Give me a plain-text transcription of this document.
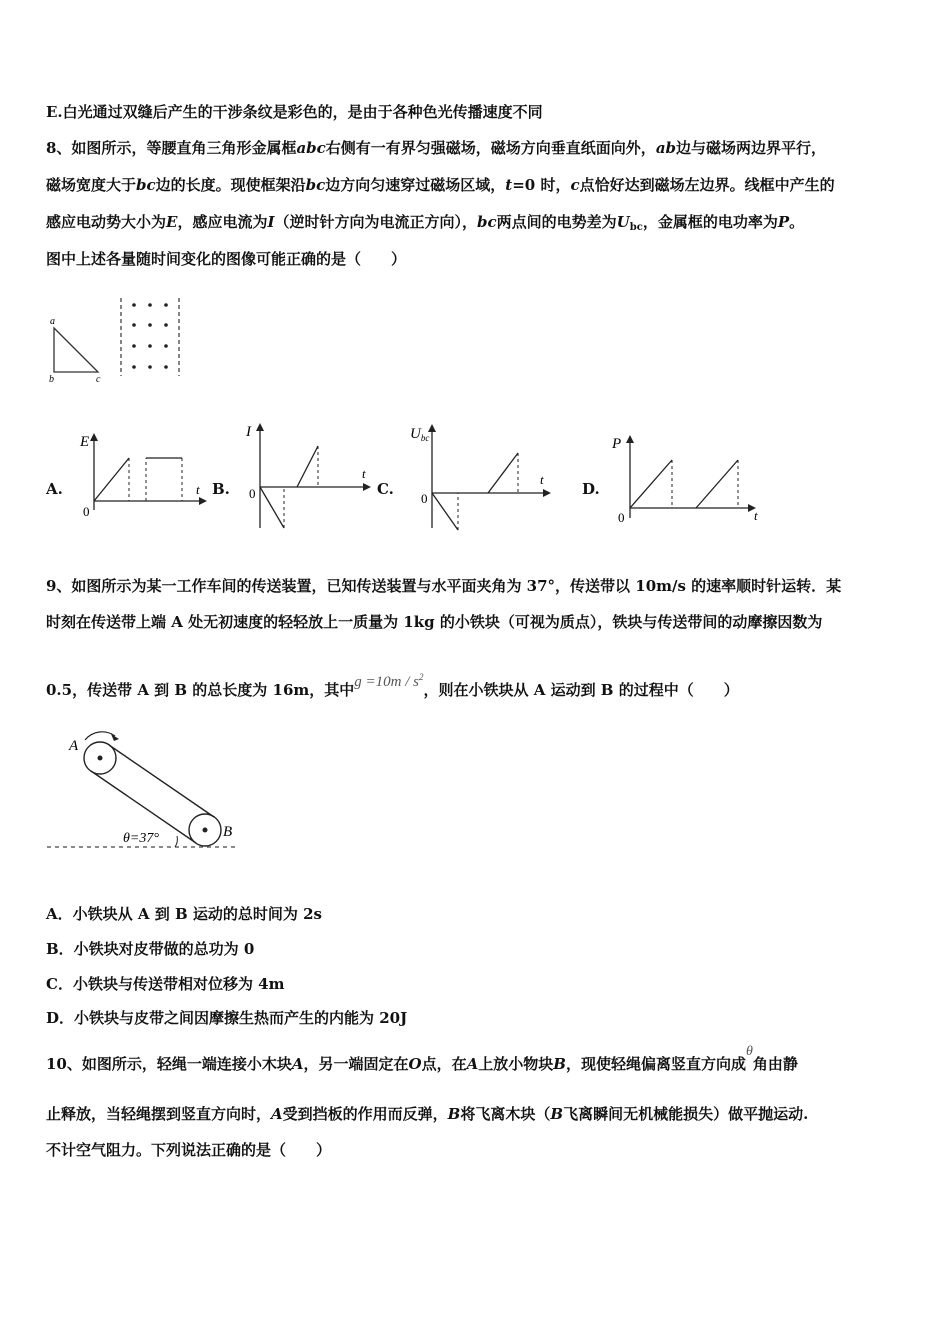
E.白光通过双缝后产生的干涉条纹是彩色的，是由于各种色光传播速度不同
8、如图所示，等腰直角三角形金属框abc右侧有一有界匀强磁场，磁场方向垂直纸面向外，ab边与磁场两边界平行，
磁场宽度大于bc边的长度。现使框架沿bc边方向匀速穿过磁场区域，t=0 时，c点恰好达到磁场左边界。线框中产生的
感应电动势大小为E，感应电流为I（逆时针方向为电流正方向），bc两点间的电势差为$U_{bc}$，金属框的电功率为P。
图中上述各量随时间变化的图像可能正确的是（　　）
a
b	c
A.
E
t
0
B.
I
t
0	C.
$U_{bc}$
t
0
D.
P
t
0
9、如图所示为某一工作车间的传送装置，已知传送装置与水平面夹角为 37°，传送带以 10m/s 的速率顺时针运转．某
时刻在传送带上端 A 处无初速度的轻轻放上一质量为 1kg 的小铁块（可视为质点），铁块与传送带间的动摩擦因数为
0.5，传送带 A 到 B 的总长度为 16m，其中$g =10m / s^2$，则在小铁块从 A 运动到 B 的过程中（　　）
A
B
θ=37°
A．小铁块从 A 到 B 运动的总时间为 2s
B．小铁块对皮带做的总功为 0
C．小铁块与传送带相对位移为 4m
D．小铁块与皮带之间因摩擦生热而产生的内能为 20J
10、如图所示，轻绳一端连接小木块A，另一端固定在O点，在A上放小物块B，现使轻绳偏离竖直方向成θ角由静
止释放，当轻绳摆到竖直方向时，A受到挡板的作用而反弹，B将飞离木块（B飞离瞬间无机械能损失）做平抛运动.
不计空气阻力。下列说法正确的是（　　）
